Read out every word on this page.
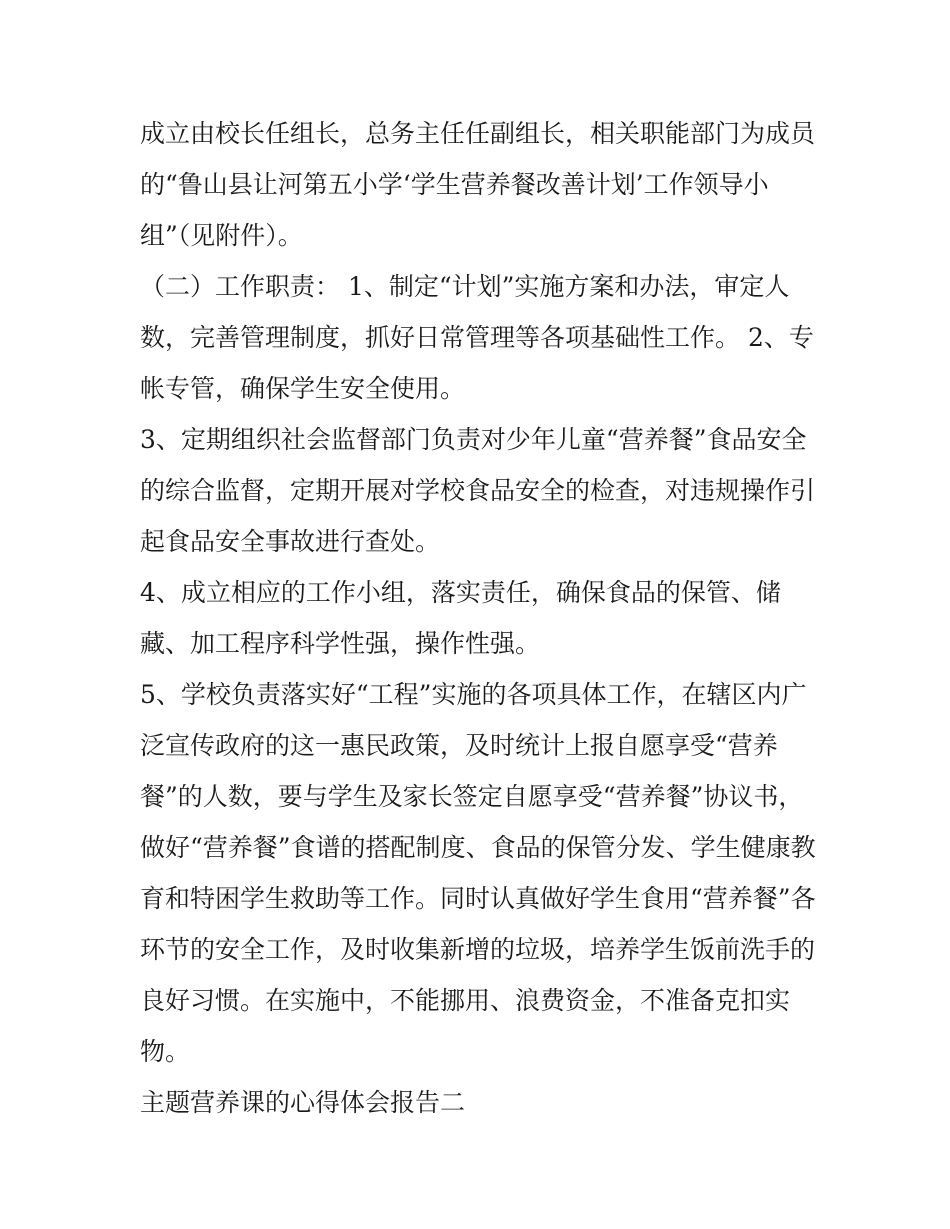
成立由校长任组长，总务主任任副组长，相关职能部门为成员
的“鲁山县让河第五小学‘学生营养餐改善计划’工作领导小
组”（见附件）。
（二）工作职责： 1、制定“计划”实施方案和办法，审定人
数，完善管理制度，抓好日常管理等各项基础性工作。 2、专
帐专管，确保学生安全使用。
3、定期组织社会监督部门负责对少年儿童“营养餐”食品安全
的综合监督，定期开展对学校食品安全的检查，对违规操作引
起食品安全事故进行查处。
4、成立相应的工作小组，落实责任，确保食品的保管、储
藏、加工程序科学性强，操作性强。
5、学校负责落实好“工程”实施的各项具体工作，在辖区内广
泛宣传政府的这一惠民政策，及时统计上报自愿享受“营养
餐”的人数，要与学生及家长签定自愿享受“营养餐”协议书，
做好“营养餐”食谱的搭配制度、食品的保管分发、学生健康教
育和特困学生救助等工作。同时认真做好学生食用“营养餐”各
环节的安全工作，及时收集新增的垃圾，培养学生饭前洗手的
良好习惯。在实施中，不能挪用、浪费资金，不准备克扣实
物。
主题营养课的心得体会报告二
